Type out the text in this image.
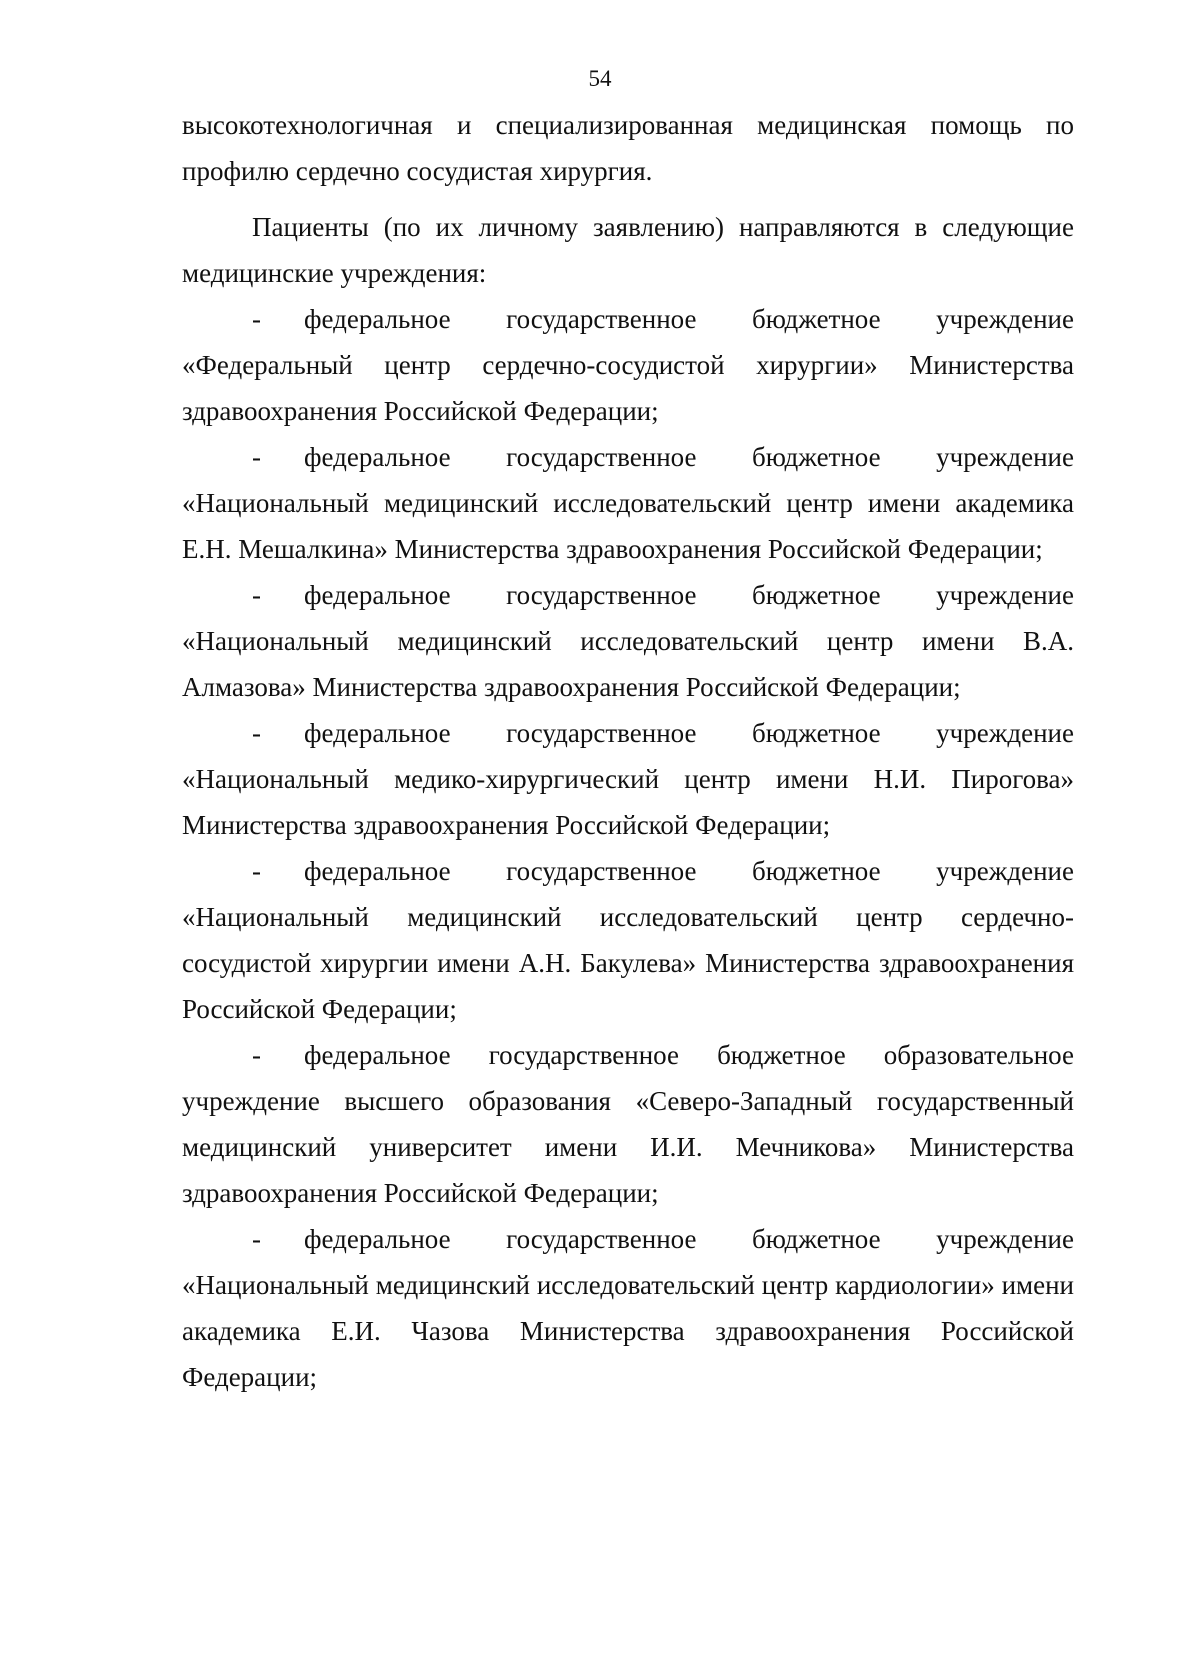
54

высокотехнологичная и специализированная медицинская помощь по профилю сердечно сосудистая хирургия.

Пациенты (по их личному заявлению) направляются в следующие медицинские учреждения:

- федеральное государственное бюджетное учреждение «Федеральный центр сердечно-сосудистой хирургии» Министерства здравоохранения Российской Федерации;

- федеральное государственное бюджетное учреждение «Национальный медицинский исследовательский центр имени академика Е.Н. Мешалкина» Министерства здравоохранения Российской Федерации;

- федеральное государственное бюджетное учреждение «Национальный медицинский исследовательский центр имени В.А. Алмазова» Министерства здравоохранения Российской Федерации;

- федеральное государственное бюджетное учреждение «Национальный медико-хирургический центр имени Н.И. Пирогова» Министерства здравоохранения Российской Федерации;

- федеральное государственное бюджетное учреждение «Национальный медицинский исследовательский центр сердечно-сосудистой хирургии имени А.Н. Бакулева» Министерства здравоохранения Российской Федерации;

- федеральное государственное бюджетное образовательное учреждение высшего образования «Северо-Западный государственный медицинский университет имени И.И. Мечникова» Министерства здравоохранения Российской Федерации;

- федеральное государственное бюджетное учреждение «Национальный медицинский исследовательский центр кардиологии» имени академика Е.И. Чазова Министерства здравоохранения Российской Федерации;
